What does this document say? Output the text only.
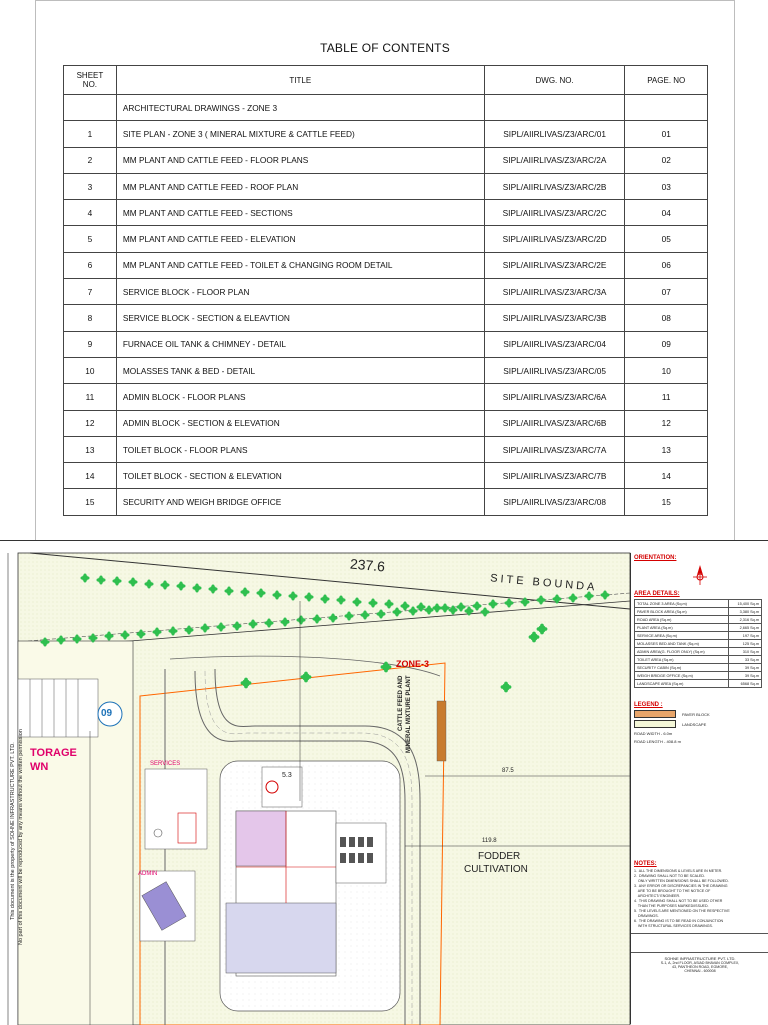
TABLE OF CONTENTS
SHEET NO.	TITLE	DWG. NO.	PAGE. NO
	ARCHITECTURAL DRAWINGS - ZONE 3		
1	SITE PLAN - ZONE 3 ( MINERAL MIXTURE & CATTLE FEED)	SIPL/AIIRLIVAS/Z3/ARC/01	01
2	MM PLANT AND CATTLE FEED - FLOOR PLANS	SIPL/AIIRLIVAS/Z3/ARC/2A	02
3	MM PLANT AND CATTLE FEED - ROOF PLAN	SIPL/AIIRLIVAS/Z3/ARC/2B	03
4	MM PLANT AND CATTLE FEED - SECTIONS	SIPL/AIIRLIVAS/Z3/ARC/2C	04
5	MM PLANT AND CATTLE FEED - ELEVATION	SIPL/AIIRLIVAS/Z3/ARC/2D	05
6	MM PLANT AND CATTLE FEED - TOILET & CHANGING ROOM DETAIL	SIPL/AIIRLIVAS/Z3/ARC/2E	06
7	SERVICE BLOCK - FLOOR PLAN	SIPL/AIIRLIVAS/Z3/ARC/3A	07
8	SERVICE BLOCK - SECTION & ELEAVTION	SIPL/AIIRLIVAS/Z3/ARC/3B	08
9	FURNACE OIL TANK & CHIMNEY - DETAIL	SIPL/AIIRLIVAS/Z3/ARC/04	09
10	MOLASSES TANK & BED - DETAIL	SIPL/AIIRLIVAS/Z3/ARC/05	10
11	ADMIN BLOCK - FLOOR PLANS	SIPL/AIIRLIVAS/Z3/ARC/6A	11
12	ADMIN BLOCK - SECTION & ELEVATION	SIPL/AIIRLIVAS/Z3/ARC/6B	12
13	TOILET BLOCK - FLOOR PLANS	SIPL/AIIRLIVAS/Z3/ARC/7A	13
14	TOILET BLOCK - SECTION & ELEVATION	SIPL/AIIRLIVAS/Z3/ARC/7B	14
15	SECURITY AND WEIGH BRIDGE OFFICE	SIPL/AIIRLIVAS/Z3/ARC/08	15
237.6
SITE BOUNDA
ZONE-3
TORAGE
WN
09	CATTLE FEED AND MINERAL MIXTURE PLANT
FODDER
CULTIVATION
SERVICES
ADMIN
5.3
87.5
119.8
This document is the property of SOHNE INFRASTRUCTURE PVT. LTD. No part of this document will be reproduced by any means without the written permission
ORIENTATION:
AREA DETAILS:
TOTAL ZONE 3 AREA (Sq.m)	15,400 Sq.m
PAVER BLOCK AREA (Sq.m)	3,380 Sq.m
ROAD AREA (Sq.m)	2,316 Sq.m
PLANT AREA (Sq.m)	2,665 Sq.m
SERVICE AREA (Sq.m)	197 Sq.m
MOLASSES BED AND TANK (Sq.m)	125 Sq.m
ADMIN AREA(G. FLOOR ONLY) (Sq.m)	310 Sq.m
TOILET AREA (Sq.m)	33 Sq.m
SECURITY CABIN (Sq.m)	39 Sq.m
WEIGH BRIDGE OFFICE (Sq.m)	39 Sq.m
LANDSCAPE AREA (Sq.m)	6568 Sq.m
LEGEND :
PAVER BLOCK
LANDSCAPE
ROAD WIDTH - 6.0m
ROAD LENGTH - 408.8 m
NOTES:
1.  ALL THE DIMENSIONS & LEVELS ARE IN METER.
2.  DRAWING SHALL NOT TO BE SCALED.
ONLY WRITTEN DIMENSIONS SHALL BE FOLLOWED.
3.  ANY ERROR OR DISCREPANCIES IN THE DRAWING
ARE TO BE BROUGHT TO THE NOTICE OF
ARCHITECT/ ENGINEER.
4.  THIS DRAWING SHALL NOT TO BE USED OTHER
THAN THE PURPOSES MARKED/ISSUED.
5.  THE LEVELS ARE MENTIONED ON THE RESPECTIVE
DRAWINGS.
6.  THE DRAWING IS TO BE READ IN CONJUNCTION
WITH STRUCTURAL SERVICES DRAWINGS.
SOHNE INFRASTRUCTURE PVT. LTD.
S-1, A, 2nd FLOOR, ASIAD BHAVAN COMPLEX,
43, PANTHEON ROAD, EGMORE,
CHENNAI - 600008
